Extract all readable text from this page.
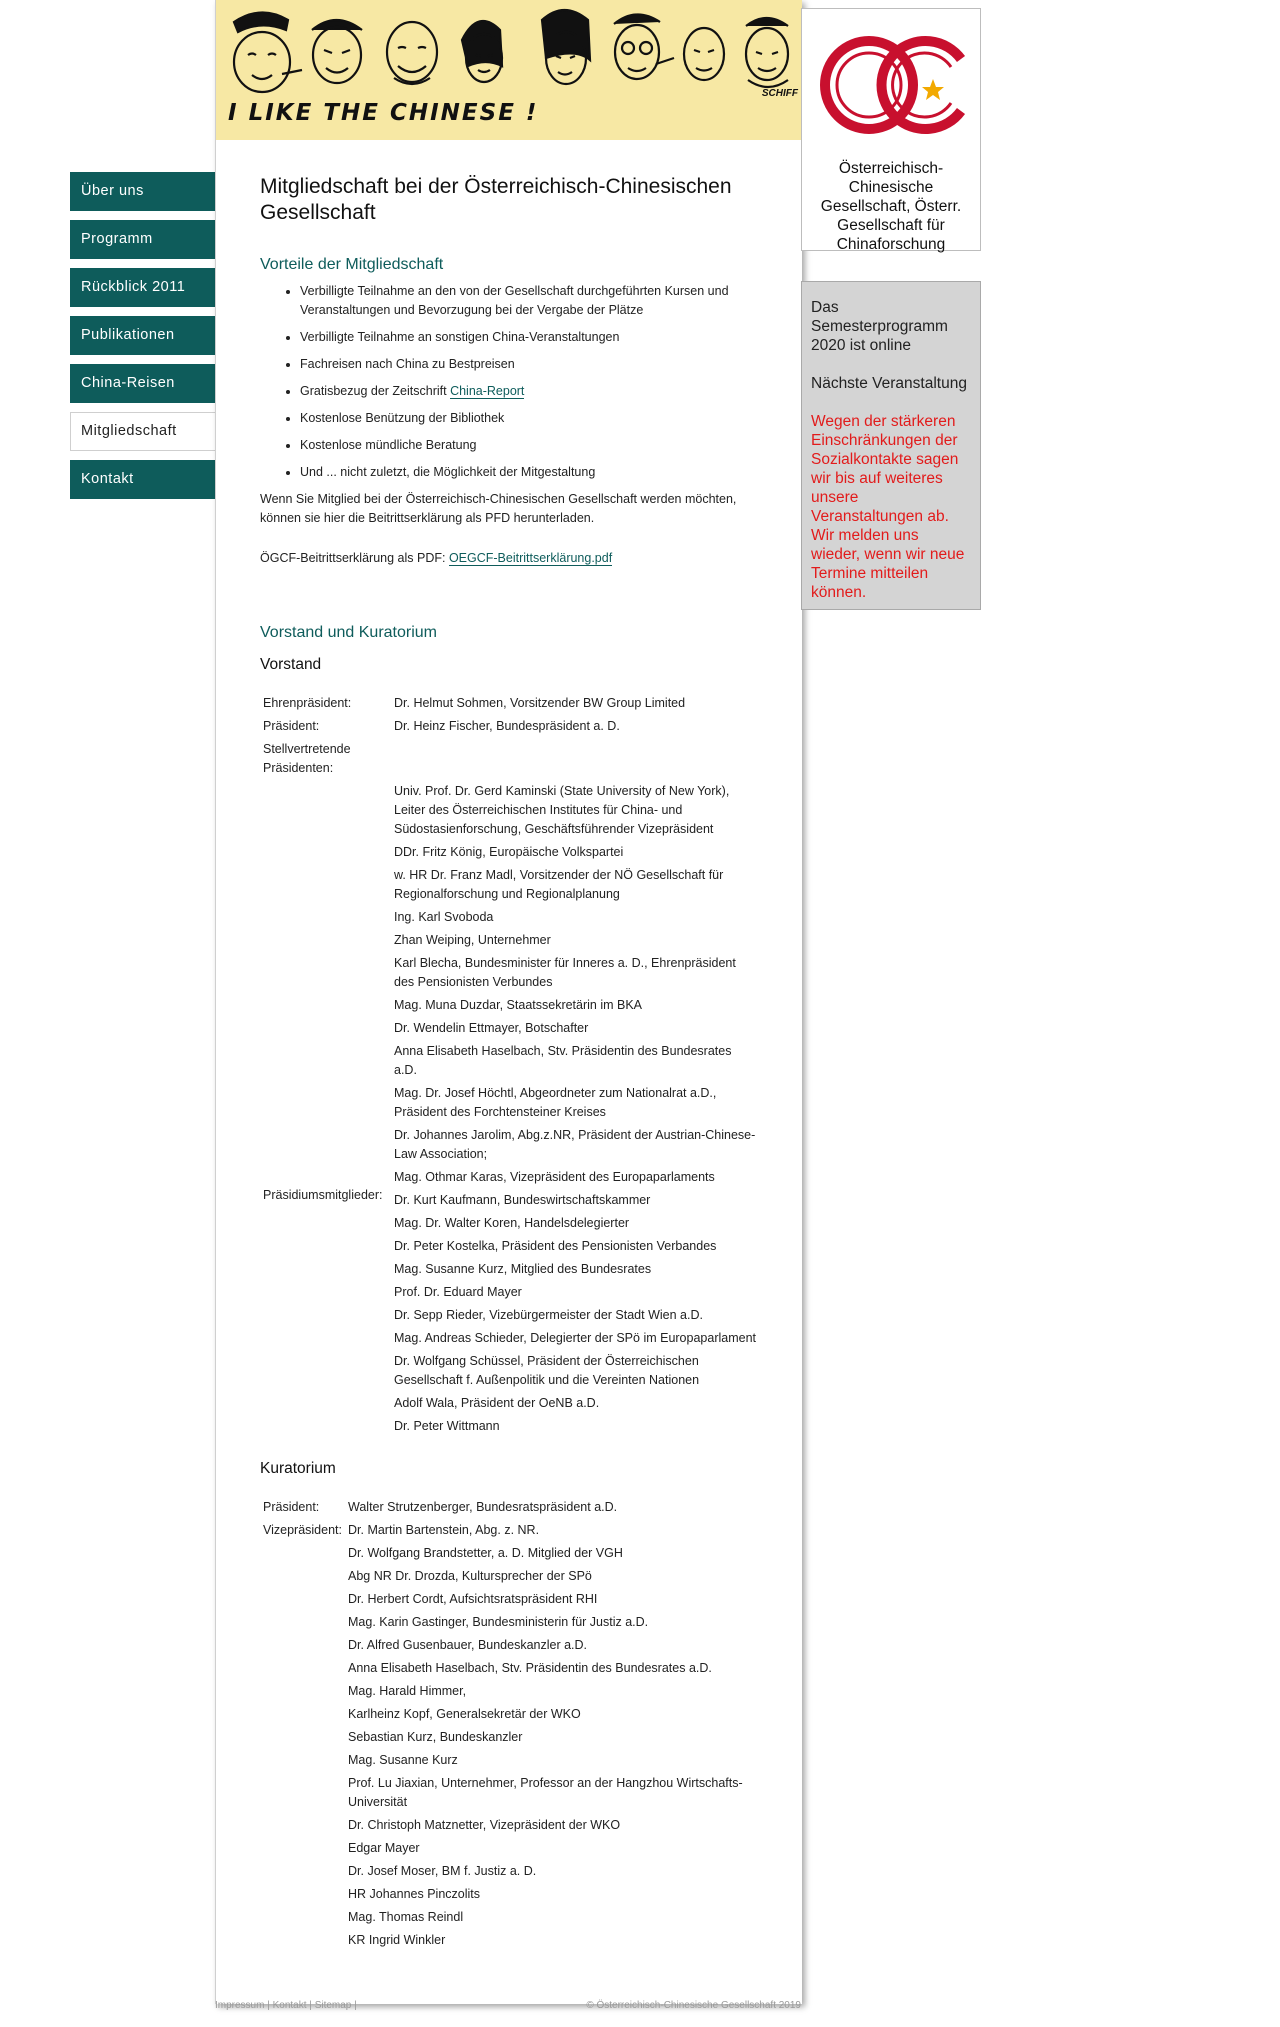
Über uns
Programm
Rückblick 2011
Publikationen
China-Reisen
Mitgliedschaft
Kontakt
I LIKE THE CHINESE !
SCHIFF
Mitgliedschaft bei der Österreichisch-Chinesischen Gesellschaft
Vorteile der Mitgliedschaft
• Verbilligte Teilnahme an den von der Gesellschaft durchgeführten Kursen und Veranstaltungen und Bevorzugung bei der Vergabe der Plätze
• Verbilligte Teilnahme an sonstigen China-Veranstaltungen
• Fachreisen nach China zu Bestpreisen
• Gratisbezug der Zeitschrift China-Report
• Kostenlose Benützung der Bibliothek
• Kostenlose mündliche Beratung
• Und ... nicht zuletzt, die Möglichkeit der Mitgestaltung

Wenn Sie Mitglied bei der Österreichisch-Chinesischen Gesellschaft werden möchten, können sie hier die Beitrittserklärung als PFD herunterladen.

ÖGCF-Beitrittserklärung als PDF: OEGCF-Beitrittserklärung.pdf

Vorstand und Kuratorium
Vorstand
Ehrenpräsident:	Dr. Helmut Sohmen, Vorsitzender BW Group Limited
Präsident:	Dr. Heinz Fischer, Bundespräsident a. D.
Stellvertretende Präsidenten:	
	Univ. Prof. Dr. Gerd Kaminski (State University of New York), Leiter des Österreichischen Institutes für China- und Südostasienforschung, Geschäftsführender Vizepräsident
	DDr. Fritz König, Europäische Volkspartei
	w. HR Dr. Franz Madl, Vorsitzender der NÖ Gesellschaft für Regionalforschung und Regionalplanung
	Ing. Karl Svoboda
	Zhan Weiping, Unternehmer
Präsidiumsmitglieder:	Karl Blecha, Bundesminister für Inneres a. D., Ehrenpräsident des Pensionisten Verbundes
	Mag. Muna Duzdar, Staatssekretärin im BKA
	Dr. Wendelin Ettmayer, Botschafter
	Anna Elisabeth Haselbach, Stv. Präsidentin des Bundesrates a.D.
	Mag. Dr. Josef Höchtl, Abgeordneter zum Nationalrat a.D., Präsident des Forchtensteiner Kreises
	Dr. Johannes Jarolim, Abg.z.NR, Präsident der Austrian-Chinese-Law Association;
	Mag. Othmar Karas, Vizepräsident des Europaparlaments
	Dr. Kurt Kaufmann, Bundeswirtschaftskammer
	Mag. Dr. Walter Koren, Handelsdelegierter
	Dr. Peter Kostelka, Präsident des Pensionisten Verbandes
	Mag. Susanne Kurz, Mitglied des Bundesrates
	Prof. Dr. Eduard Mayer
	Dr. Sepp Rieder, Vizebürgermeister der Stadt Wien a.D.
	Mag. Andreas Schieder, Delegierter der SPö im Europaparlament
	Dr. Wolfgang Schüssel, Präsident der Österreichischen Gesellschaft f. Außenpolitik und die Vereinten Nationen
	Adolf Wala, Präsident der OeNB a.D.
	Dr. Peter Wittmann
Kuratorium
Präsident:	Walter Strutzenberger, Bundesratspräsident a.D.
Vizepräsident:	Dr. Martin Bartenstein, Abg. z. NR.
	Dr. Wolfgang Brandstetter, a. D. Mitglied der VGH
	Abg NR Dr. Drozda, Kultursprecher der SPö
	Dr. Herbert Cordt, Aufsichtsratspräsident RHI
	Mag. Karin Gastinger, Bundesministerin für Justiz a.D.
	Dr. Alfred Gusenbauer, Bundeskanzler a.D.
	Anna Elisabeth Haselbach, Stv. Präsidentin des Bundesrates a.D.
	Mag. Harald Himmer,
	Karlheinz Kopf, Generalsekretär der WKO
	Sebastian Kurz, Bundeskanzler
	Mag. Susanne Kurz
	Prof. Lu Jiaxian, Unternehmer, Professor an der Hangzhou Wirtschafts-Universität
	Dr. Christoph Matznetter, Vizepräsident der WKO
	Edgar Mayer
	Dr. Josef Moser, BM f. Justiz a. D.
	HR Johannes Pinczolits
	Mag. Thomas Reindl
	KR Ingrid Winkler
Österreichisch-Chinesische Gesellschaft, Österr. Gesellschaft für Chinaforschung

Das Semesterprogramm 2020 ist online

Nächste Veranstaltung

Wegen der stärkeren Einschränkungen der Sozialkontakte sagen wir bis auf weiteres unsere Veranstaltungen ab. Wir melden uns wieder, wenn wir neue Termine mitteilen können.

Impressum | Kontakt | Sitemap |	© Österreichisch-Chinesische Gesellschaft 2019
